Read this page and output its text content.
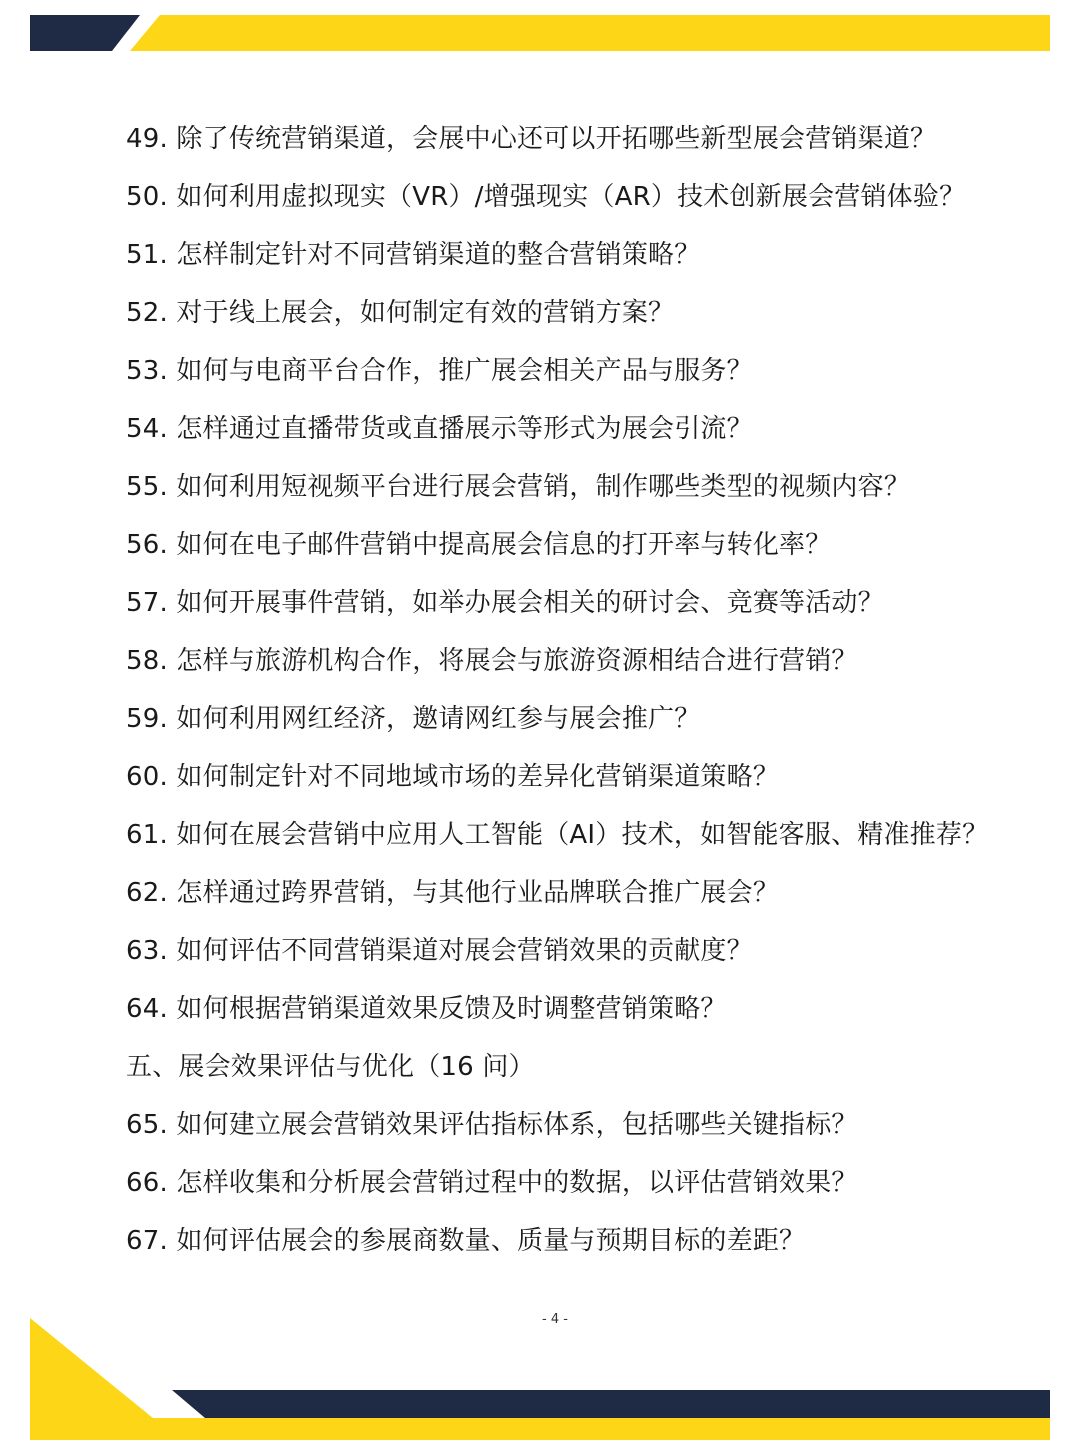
49. 除了传统营销渠道，会展中心还可以开拓哪些新型展会营销渠道？
50. 如何利用虚拟现实（VR）/增强现实（AR）技术创新展会营销体验？
51. 怎样制定针对不同营销渠道的整合营销策略？
52. 对于线上展会，如何制定有效的营销方案？
53. 如何与电商平台合作，推广展会相关产品与服务？
54. 怎样通过直播带货或直播展示等形式为展会引流？
55. 如何利用短视频平台进行展会营销，制作哪些类型的视频内容？
56. 如何在电子邮件营销中提高展会信息的打开率与转化率？
57. 如何开展事件营销，如举办展会相关的研讨会、竞赛等活动？
58. 怎样与旅游机构合作，将展会与旅游资源相结合进行营销？
59. 如何利用网红经济，邀请网红参与展会推广？
60. 如何制定针对不同地域市场的差异化营销渠道策略？
61. 如何在展会营销中应用人工智能（AI）技术，如智能客服、精准推荐？
62. 怎样通过跨界营销，与其他行业品牌联合推广展会？
63. 如何评估不同营销渠道对展会营销效果的贡献度？
64. 如何根据营销渠道效果反馈及时调整营销策略？
五、展会效果评估与优化（16 问）
65. 如何建立展会营销效果评估指标体系，包括哪些关键指标？
66. 怎样收集和分析展会营销过程中的数据，以评估营销效果？
67. 如何评估展会的参展商数量、质量与预期目标的差距？
- 4 -
